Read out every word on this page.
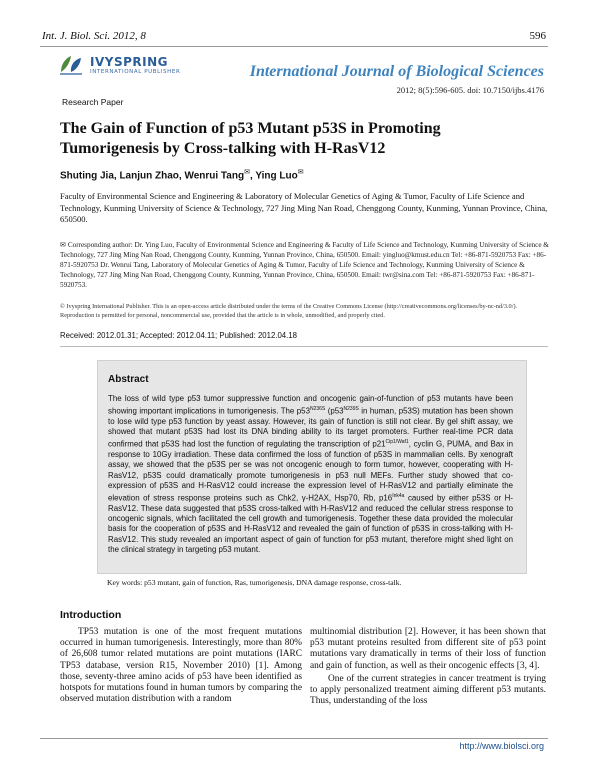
Int. J. Biol. Sci. 2012, 8	596
IVYSPRING
INTERNATIONAL PUBLISHER	International Journal of Biological Sciences
2012; 8(5):596-605. doi: 10.7150/ijbs.4176
Research Paper
The Gain of Function of p53 Mutant p53S in Promoting Tumorigenesis by Cross-talking with H-RasV12
Shuting Jia, Lanjun Zhao, Wenrui Tang✉, Ying Luo✉
Faculty of Environmental Science and Engineering & Laboratory of Molecular Genetics of Aging & Tumor, Faculty of Life Science and Technology, Kunming University of Science & Technology, 727 Jing Ming Nan Road, Chenggong County, Kunming, Yunnan Province, China, 650500.
✉ Corresponding author: Dr. Ying Luo, Faculty of Environmental Science and Engineering & Faculty of Life Science and Technology, Kunming University of Science & Technology, 727 Jing Ming Nan Road, Chenggong County, Kunming, Yunnan Province, China, 650500. Email: yingluo@kmust.edu.cn Tel: +86-871-5920753 Fax: +86-871-5920753 Dr. Wenrui Tang, Laboratory of Molecular Genetics of Aging & Tumor, Faculty of Life Science and Technology, Kunming University of Science & Technology, 727 Jing Ming Nan Road, Chenggong County, Kunming, Yunnan Province, China, 650500. Email: twr@sina.com Tel: +86-871-5920753 Fax: +86-871-5920753.
© Ivyspring International Publisher. This is an open-access article distributed under the terms of the Creative Commons License (http://creativecommons.org/licenses/by-nc-nd/3.0/). Reproduction is permitted for personal, noncommercial use, provided that the article is in whole, unmodified, and properly cited.
Received: 2012.01.31; Accepted: 2012.04.11; Published: 2012.04.18
Abstract
The loss of wild type p53 tumor suppressive function and oncogenic gain-of-function of p53 mutants have been showing important implications in tumorigenesis. The $p53^{N236S}$ ($p53^{N239S}$ in human, p53S) mutation has been shown to lose wild type p53 function by yeast assay. However, its gain of function is still not clear. By gel shift assay, we showed that mutant p53S had lost its DNA binding ability to its target promoters. Further real-time PCR data confirmed that p53S had lost the function of regulating the transcription of $p21^{Cip1/Waf1}$, cyclin G, PUMA, and Bax in response to 10Gy irradiation. These data confirmed the loss of function of p53S in mammalian cells. By xenograft assay, we showed that the p53S per se was not oncogenic enough to form tumor, however, cooperating with H-RasV12, p53S could dramatically promote tumorigenesis in p53 null MEFs. Further study showed that co-expression of p53S and H-RasV12 could increase the expression level of H-RasV12 and partially eliminate the elevation of stress response proteins such as Chk2, γ-H2AX, Hsp70, Rb, $p16^{Ink4a}$ caused by either p53S or H-RasV12. These data suggested that p53S cross-talked with H-RasV12 and reduced the cellular stress response to oncogenic signals, which facilitated the cell growth and tumorigenesis. Together these data provided the molecular basis for the cooperation of p53S and H-RasV12 and revealed the gain of function of p53S in cross-talking with H-RasV12. This study revealed an important aspect of gain of function for p53 mutant, therefore might shed light on the clinical strategy in targeting p53 mutant.
Key words: p53 mutant, gain of function, Ras, tumorigenesis, DNA damage response, cross-talk.
Introduction
TP53 mutation is one of the most frequent mutations occurred in human tumorigenesis. Interestingly, more than 80% of 26,608 tumor related mutations are point mutations (IARC TP53 database, version R15, November 2010) [1]. Among those, seventy-three amino acids of p53 have been identified as hotspots for mutations found in human tumors by comparing the observed mutation distribution with a random
multinomial distribution [2]. However, it has been shown that p53 mutant proteins resulted from different site of p53 point mutations vary dramatically in terms of their loss of function and gain of function, as well as their oncogenic effects [3, 4].
One of the current strategies in cancer treatment is trying to apply personalized treatment aiming different p53 mutants. Thus, understanding of the loss
http://www.biolsci.org
